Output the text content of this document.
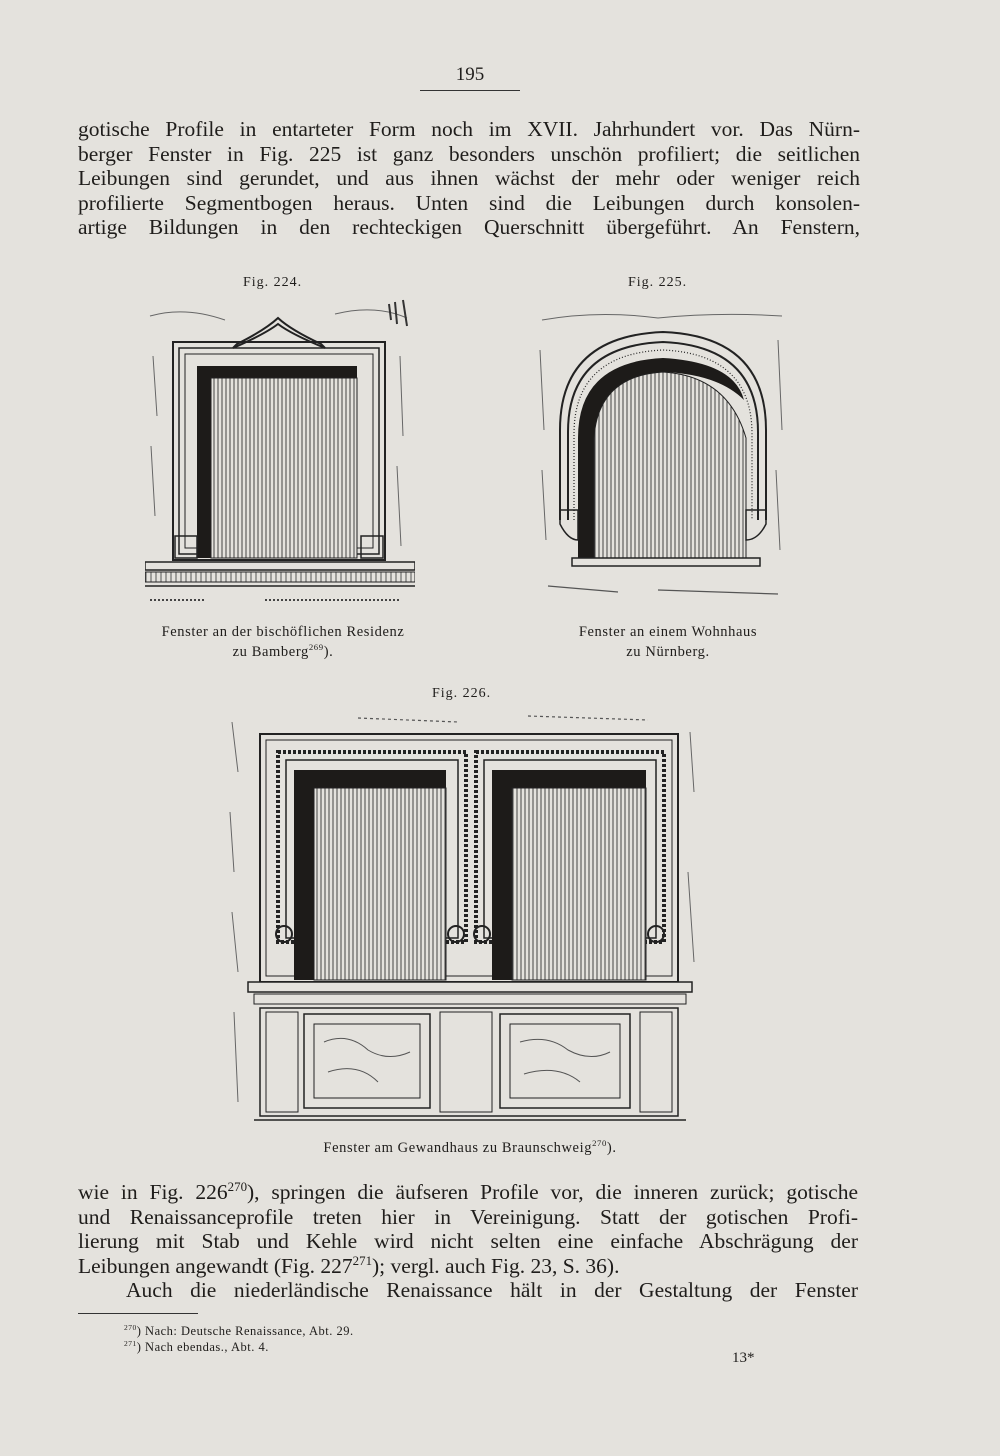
195
gotische Profile in entarteter Form noch im XVII. Jahrhundert vor. Das Nürn-
berger Fenster in Fig. 225 ist ganz besonders unschön profiliert; die seitlichen
Leibungen sind gerundet, und aus ihnen wächst der mehr oder weniger reich
profilierte Segmentbogen heraus. Unten sind die Leibungen durch konsolen-
artige Bildungen in den rechteckigen Querschnitt übergeführt. An Fenstern,
Fig. 224.	Fig. 225.
Fenster an der bischöflichen Residenz
zu Bamberg$^{269}$).
Fenster an einem Wohnhaus
zu Nürnberg.
Fig. 226.
Fenster am Gewandhaus zu Braunschweig$^{270}$).
wie in Fig. $226^{270}$), springen die äufseren Profile vor, die inneren zurück; gotische
und Renaissanceprofile treten hier in Vereinigung. Statt der gotischen Profi-
lierung mit Stab und Kehle wird nicht selten eine einfache Abschrägung der
Leibungen angewandt (Fig. $227^{271}$); vergl. auch Fig. 23, S. 36).
Auch die niederländische Renaissance hält in der Gestaltung der Fenster
$^{270}$) Nach: Deutsche Renaissance, Abt. 29.
$^{271}$) Nach ebendas., Abt. 4.
13*
